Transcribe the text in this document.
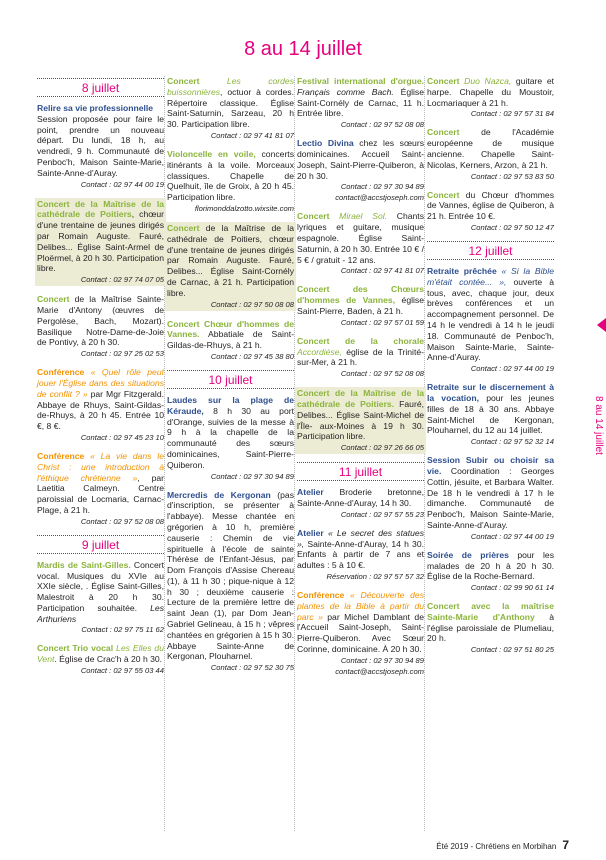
8 au 14 juillet
8 juillet
Relire sa vie professionnelle
Session proposée pour faire le point, prendre un nouveau départ. Du lundi, 18 h, au vendredi, 9 h. Communauté de Penboc'h, Maison Sainte-Marie, Sainte-Anne-d'Auray.
Contact : 02 97 44 00 19
Concert de la Maîtrise de la cathédrale de Poitiers, chœur d'une trentaine de jeunes dirigés par Romain Auguste. Fauré, Delibes... Église Saint-Armel de Ploërmel, à 20 h 30. Participation libre.
Contact : 02 97 74 07 05
Concert de la Maîtrise Sainte-Marie d'Antony (œuvres de Pergolèse, Bach, Mozart). Basilique Notre-Dame-de-Joie de Pontivy, à 20 h 30.
Contact : 02 97 25 02 53
Conférence « Quel rôle peut jouer l'Église dans des situations de conflit ? » par Mgr Fitzgerald. Abbaye de Rhuys, Saint-Gildas-de-Rhuys, à 20 h 45. Entrée 10 €, 8 €.
Contact : 02 97 45 23 10
Conférence « La vie dans le Christ : une introduction à l'éthique chrétienne », par Laetitia Calmeyn. Centre paroissial de Locmaria, Carnac-Plage, à 21 h.
Contact : 02 97 52 08 08
9 juillet
Mardis de Saint-Gilles. Concert vocal. Musiques du XVIe au XXIe siècle, . Église Saint-Gilles, Malestroit à 20 h 30. Participation souhaitée. Les Arthuriens
Contact : 02 97 75 11 62
Concert Trio vocal Les Elles du Vent. Église de Crac'h à 20 h 30.
Contact : 02 97 55 03 44
Concert Les cordes buissonnières, octuor à cordes. Répertoire classique. Église Saint-Saturnin, Sarzeau, 20 h 30. Participation libre.
Contact : 02 97 41 81 07
Violoncelle en voile, concerts itinérants à la voile. Morceaux classiques. Chapelle de Quelhuit, île de Groix, à 20 h 45. Participation libre.
florimonddalzotto.wixsite.com
Concert de la Maîtrise de la cathédrale de Poitiers, chœur d'une trentaine de jeunes dirigés par Romain Auguste. Fauré, Delibes... Église Saint-Cornély de Carnac, à 21 h. Participation libre.
Contact : 02 97 50 08 08
Concert Chœur d'hommes de Vannes. Abbatiale de Saint-Gildas-de-Rhuys, à 21 h.
Contact : 02 97 45 38 80
10 juillet
Laudes sur la plage de Kéraude, 8 h 30 au port d'Orange, suivies de la messe à 9 h à la chapelle de la communauté des sœurs dominicaines, Saint-Pierre-Quiberon.
Contact : 02 97 30 94 89
Mercredis de Kergonan (pas d'inscription, se présenter à l'abbaye). Messe chantée en grégorien à 10 h, première causerie : Chemin de vie spirituelle à l'école de sainte Thérèse de l'Enfant-Jésus, par Dom François d'Assise Chereau (1), à 11 h 30 ; pique-nique à 12 h 30 ; deuxième causerie : Lecture de la première lettre de saint Jean (1), par Dom Jean-Gabriel Gelineau, à 15 h ; vêpres chantées en grégorien à 15 h 30. Abbaye Sainte-Anne de Kergonan, Plouharnel.
Contact : 02 97 52 30 75
Festival international d'orgue. Français comme Bach. Église Saint-Cornély de Carnac, 11 h. Entrée libre.
Contact : 02 97 52 08 08
Lectio Divina chez les sœurs dominicaines. Accueil Saint-Joseph, Saint-Pierre-Quiberon, à 20 h 30.
Contact : 02 97 30 94 89
contact@accstjoseph.com
Concert Mirael Sol. Chants lyriques et guitare, musique espagnole. Église Saint-Saturnin, à 20 h 30. Entrée 10 € / 5 € / gratuit - 12 ans.
Contact : 02 97 41 81 07
Concert des Chœurs d'hommes de Vannes, église Saint-Pierre, Baden, à 21 h.
Contact : 02 97 57 01 59
Concert de la chorale Accordiése, église de la Trinité-sur-Mer, à 21 h.
Contact : 02 97 52 08 08
Concert de la Maîtrise de la cathédrale de Poitiers. Fauré, Delibes... Église Saint-Michel de l'Île- aux-Moines à 19 h 30. Participation libre.
Contact : 02 97 26 66 05
11 juillet
Atelier Broderie bretonne, Sainte-Anne-d'Auray, 14 h 30.
Contact : 02 97 57 55 23
Atelier « Le secret des statues », Sainte-Anne-d'Auray, 14 h 30. Enfants à partir de 7 ans et adultes : 5 à 10 €.
Réservation : 02 97 57 57 32
Conférence « Découverte des plantes de la Bible à partir du parc » par Michel Damblant de l'Accueil Saint-Joseph, Saint-Pierre-Quiberon. Avec Sœur Corinne, dominicaine. À 20 h 30.
Contact : 02 97 30 94 89
contact@accstjoseph.com
Concert Duo Nazca, guitare et harpe. Chapelle du Moustoir, Locmariaquer à 21 h.
Contact : 02 97 57 31 84
Concert de l'Académie européenne de musique ancienne. Chapelle Saint-Nicolas, Kerners, Arzon, à 21 h.
Contact : 02 97 53 83 50
Concert du Chœur d'hommes de Vannes, église de Quiberon, à 21 h. Entrée 10 €.
Contact : 02 97 50 12 47
12 juillet
Retraite prêchée « Si la Bible m'était contée... », ouverte à tous, avec, chaque jour, deux brèves conférences et un accompagnement personnel. De 14 h le vendredi à 14 h le jeudi 18. Communauté de Penboc'h, Maison Sainte-Marie, Sainte-Anne-d'Auray.
Contact : 02 97 44 00 19
Retraite sur le discernement à la vocation, pour les jeunes filles de 18 à 30 ans. Abbaye Saint-Michel de Kergonan, Plouharnel, du 12 au 14 juillet.
Contact : 02 97 52 32 14
Session Subir ou choisir sa vie. Coordination : Georges Cottin, jésuite, et Barbara Walter. De 18 h le vendredi à 17 h le dimanche. Communauté de Penboc'h, Maison Sainte-Marie, Sainte-Anne-d'Auray.
Contact : 02 97 44 00 19
Soirée de prières pour les malades de 20 h à 20 h 30. Église de la Roche-Bernard.
Contact : 02 99 90 61 14
Concert avec la maîtrise Sainte-Marie d'Anthony à l'église paroissiale de Plumeliau, 20 h.
Contact : 02 97 51 80 25
8 au 14 juillet
Été 2019 - Chrétiens en Morbihan 7
